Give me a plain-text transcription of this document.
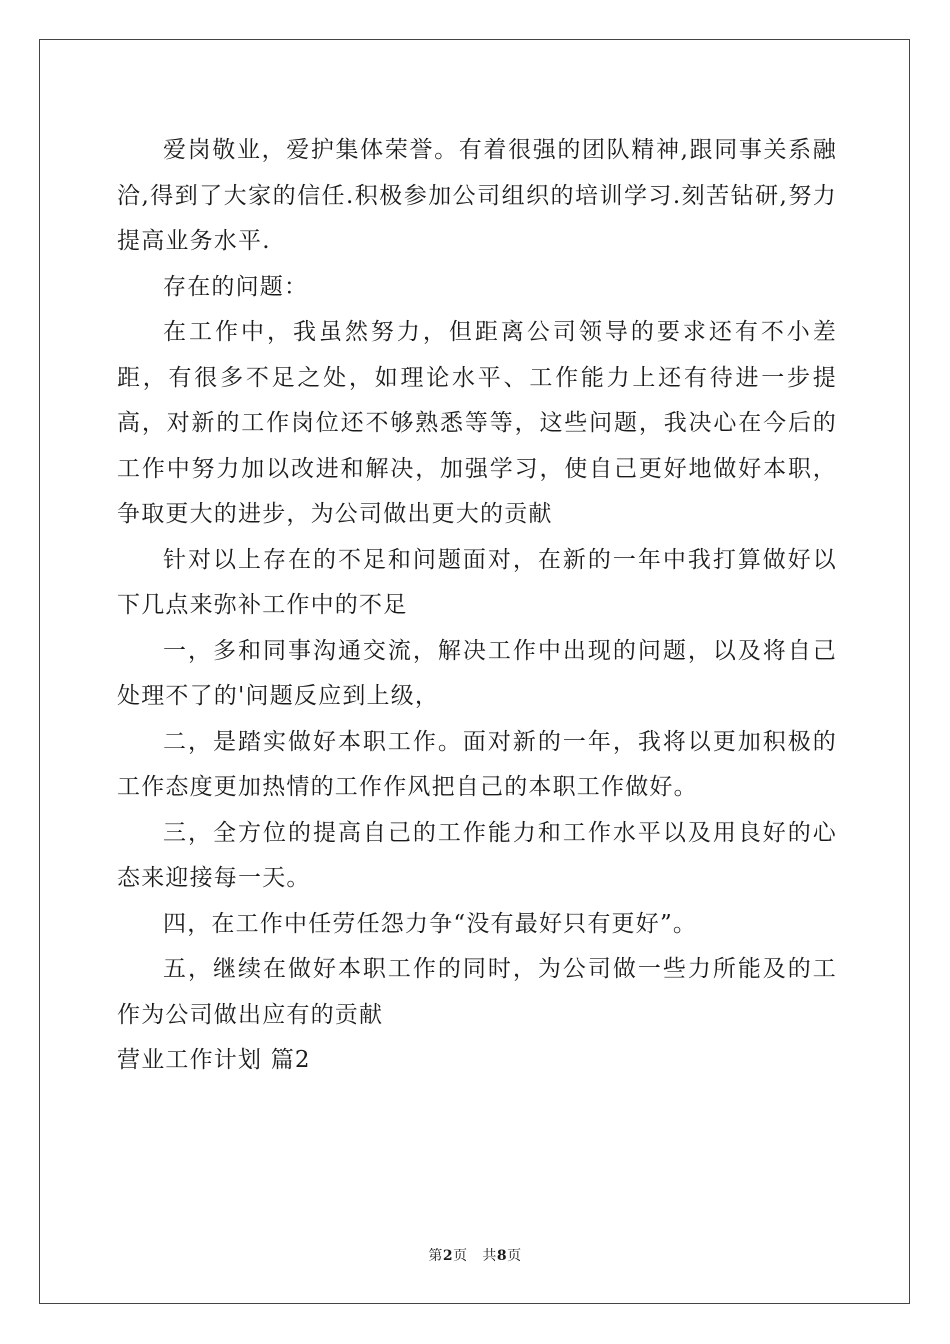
爱岗敬业，爱护集体荣誉。有着很强的团队精神,跟同事关系融洽,得到了大家的信任.积极参加公司组织的培训学习.刻苦钻研,努力提高业务水平.

存在的问题：

在工作中，我虽然努力，但距离公司领导的要求还有不小差距，有很多不足之处，如理论水平、工作能力上还有待进一步提高，对新的工作岗位还不够熟悉等等，这些问题，我决心在今后的工作中努力加以改进和解决，加强学习，使自己更好地做好本职，争取更大的进步，为公司做出更大的贡献

针对以上存在的不足和问题面对，在新的一年中我打算做好以下几点来弥补工作中的不足

一，多和同事沟通交流，解决工作中出现的问题，以及将自己处理不了的'问题反应到上级，

二，是踏实做好本职工作。面对新的一年，我将以更加积极的工作态度更加热情的工作作风把自己的本职工作做好。

三，全方位的提高自己的工作能力和工作水平以及用良好的心态来迎接每一天。

四，在工作中任劳任怨力争“没有最好只有更好”。

五，继续在做好本职工作的同时，为公司做一些力所能及的工作为公司做出应有的贡献

营业工作计划 篇2

第2页   共8页
